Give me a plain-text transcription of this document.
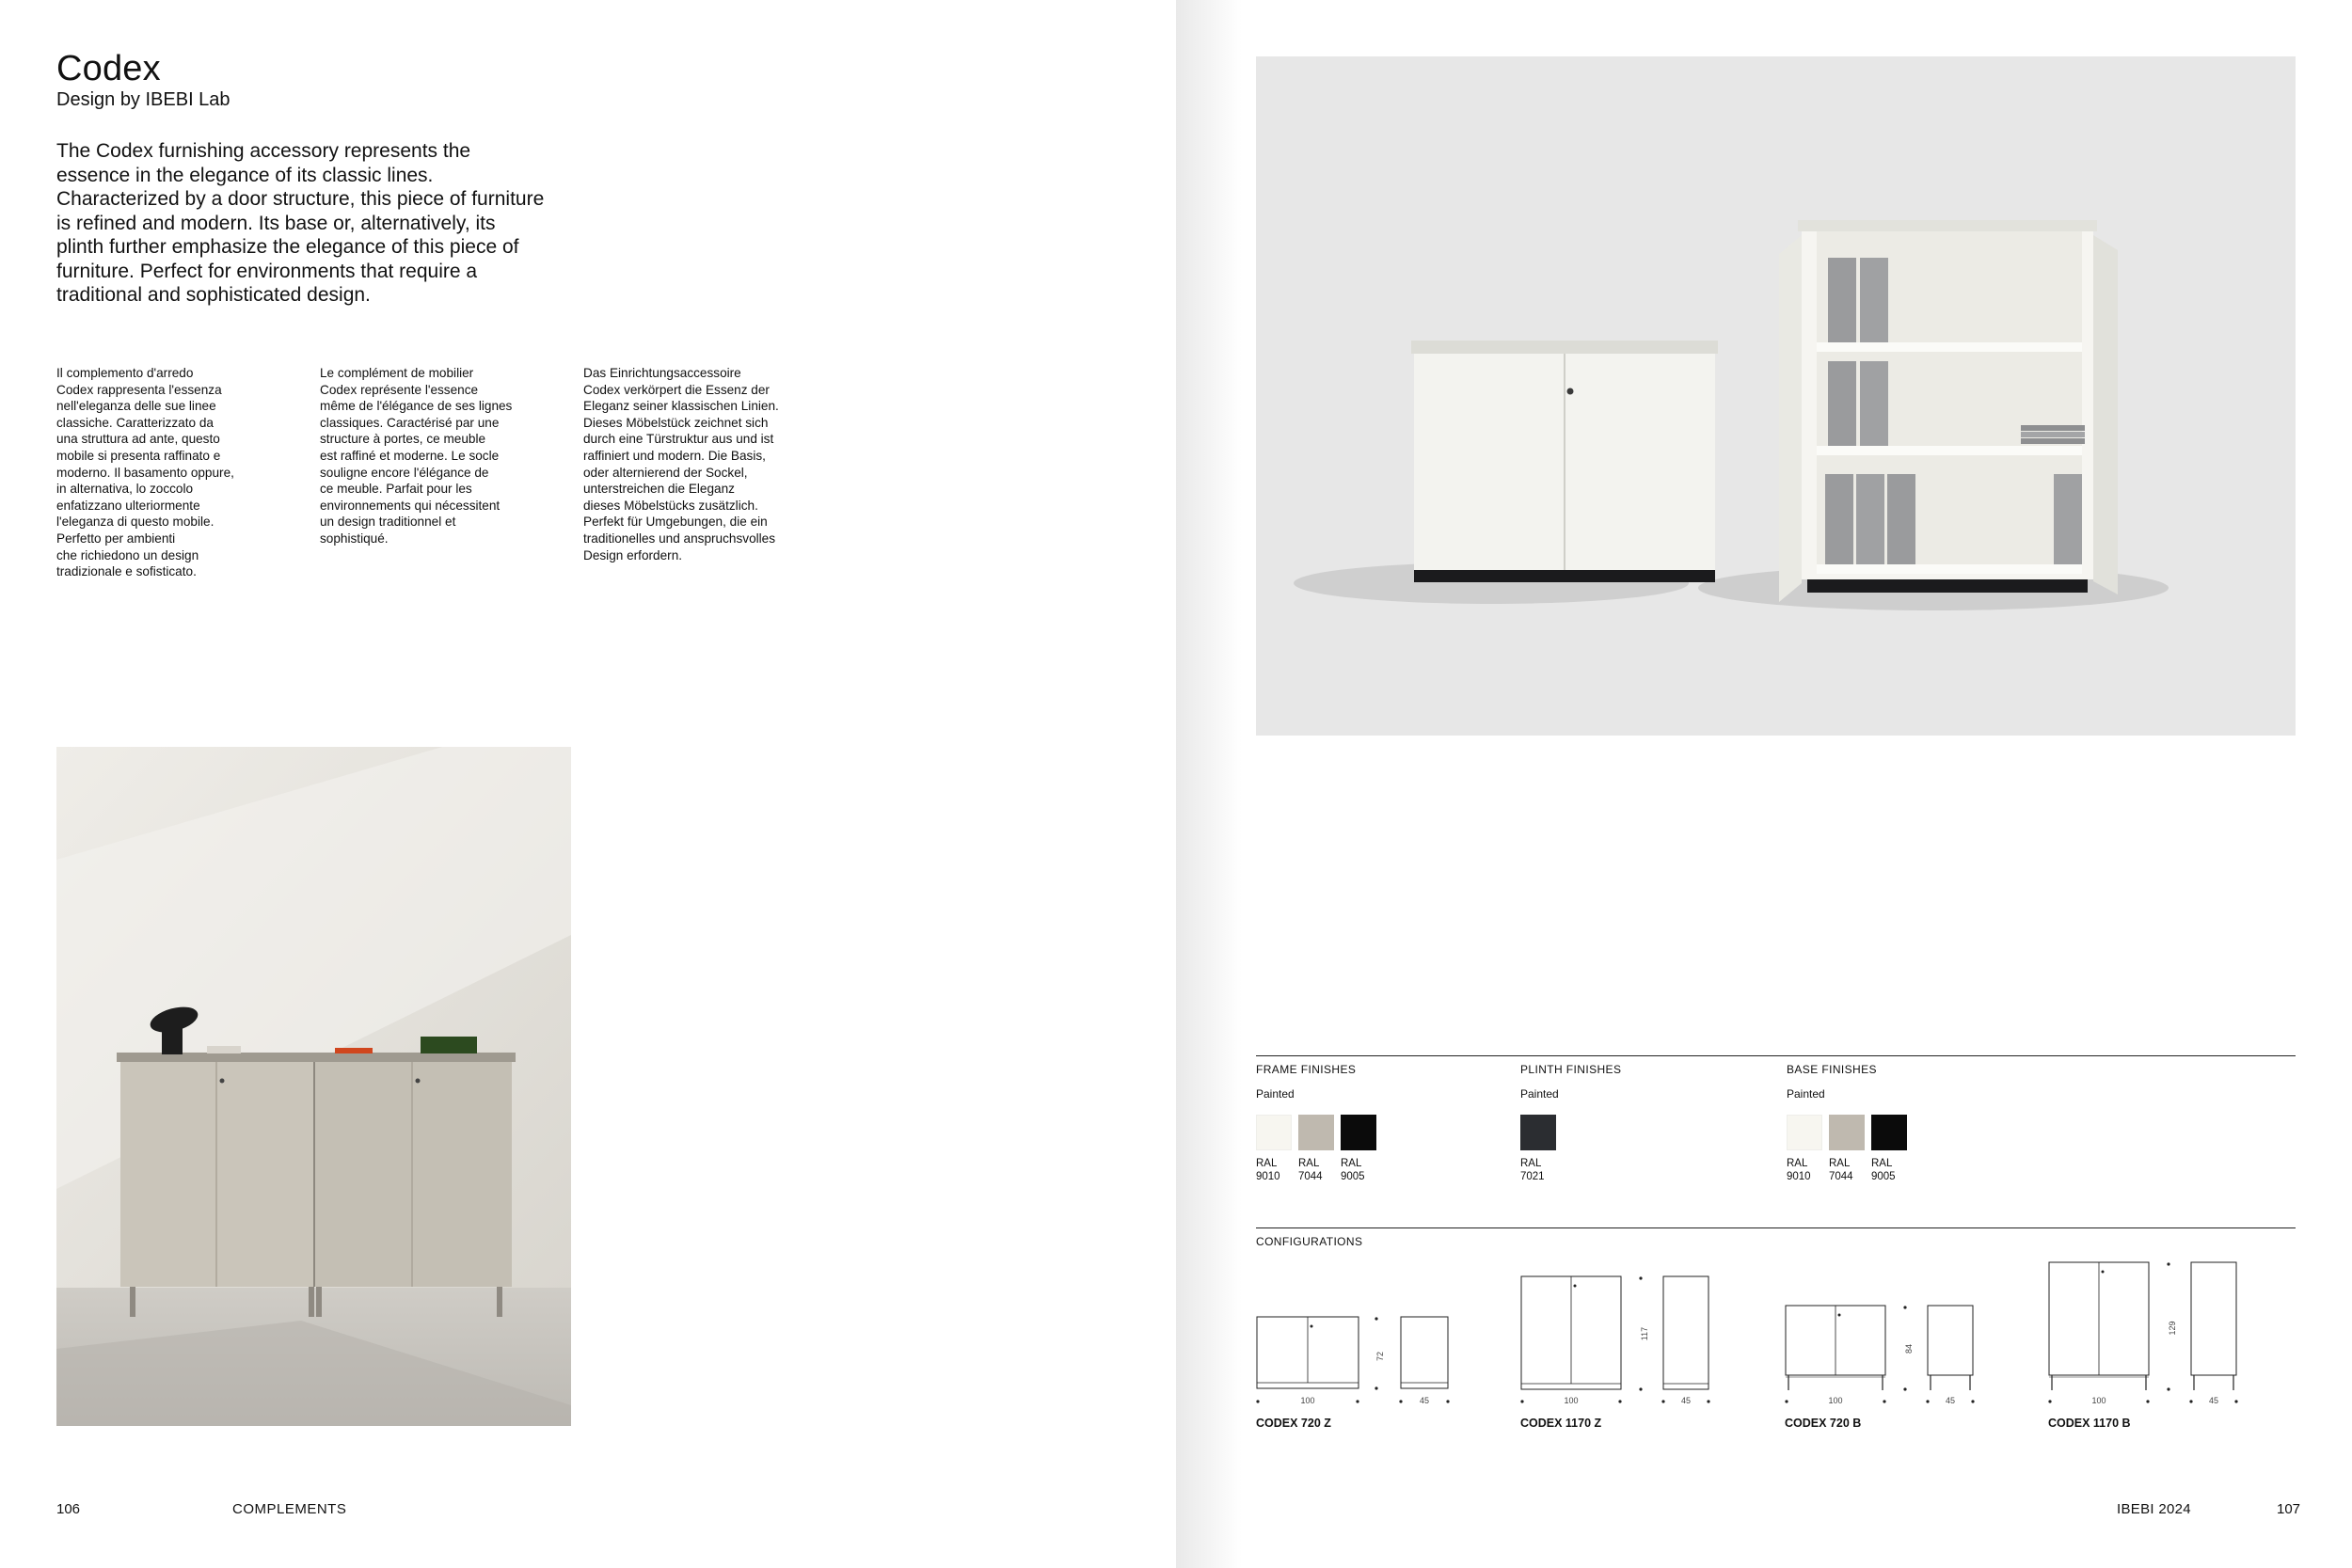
Codex
Design by IBEBI Lab
The Codex furnishing accessory represents the essence in the elegance of its classic lines. Characterized by a door structure, this piece of furniture is refined and modern. Its base or, alternatively, its plinth further emphasize the elegance of this piece of furniture. Perfect for environments that require a traditional and sophisticated design.
Il complemento d'arredo
Codex rappresenta l'essenza
nell'eleganza delle sue linee
classiche. Caratterizzato da
una struttura ad ante, questo
mobile si presenta raffinato e
moderno. Il basamento oppure,
in alternativa, lo zoccolo
enfatizzano ulteriormente
l'eleganza di questo mobile.
Perfetto per ambienti
che richiedono un design
tradizionale e sofisticato.
Le complément de mobilier
Codex représente l'essence
même de l'élégance de ses lignes
classiques. Caractérisé par une
structure à portes, ce meuble
est raffiné et moderne. Le socle
souligne encore l'élégance de
ce meuble. Parfait pour les
environnements qui nécessitent
un design traditionnel et
sophistiqué.
Das Einrichtungsaccessoire
Codex verkörpert die Essenz der
Eleganz seiner klassischen Linien.
Dieses Möbelstück zeichnet sich
durch eine Türstruktur aus und ist
raffiniert und modern. Die Basis,
oder alternierend der Sockel,
unterstreichen die Eleganz
dieses Möbelstücks zusätzlich.
Perfekt für Umgebungen, die ein
traditionelles und anspruchsvolles
Design erfordern.
106	COMPLEMENTS
FRAME FINISHES
Painted
RAL
9010
RAL
7044
RAL
9005
PLINTH FINISHES
Painted
RAL
7021
BASE FINISHES
Painted
RAL
9010
RAL
7044
RAL
9005
CONFIGURATIONS
100	45
72
CODEX 720 Z
100	45
117
CODEX 1170 Z
100	45
84
CODEX 720 B
100	45
129
CODEX 1170 B
IBEBI 2024	107
